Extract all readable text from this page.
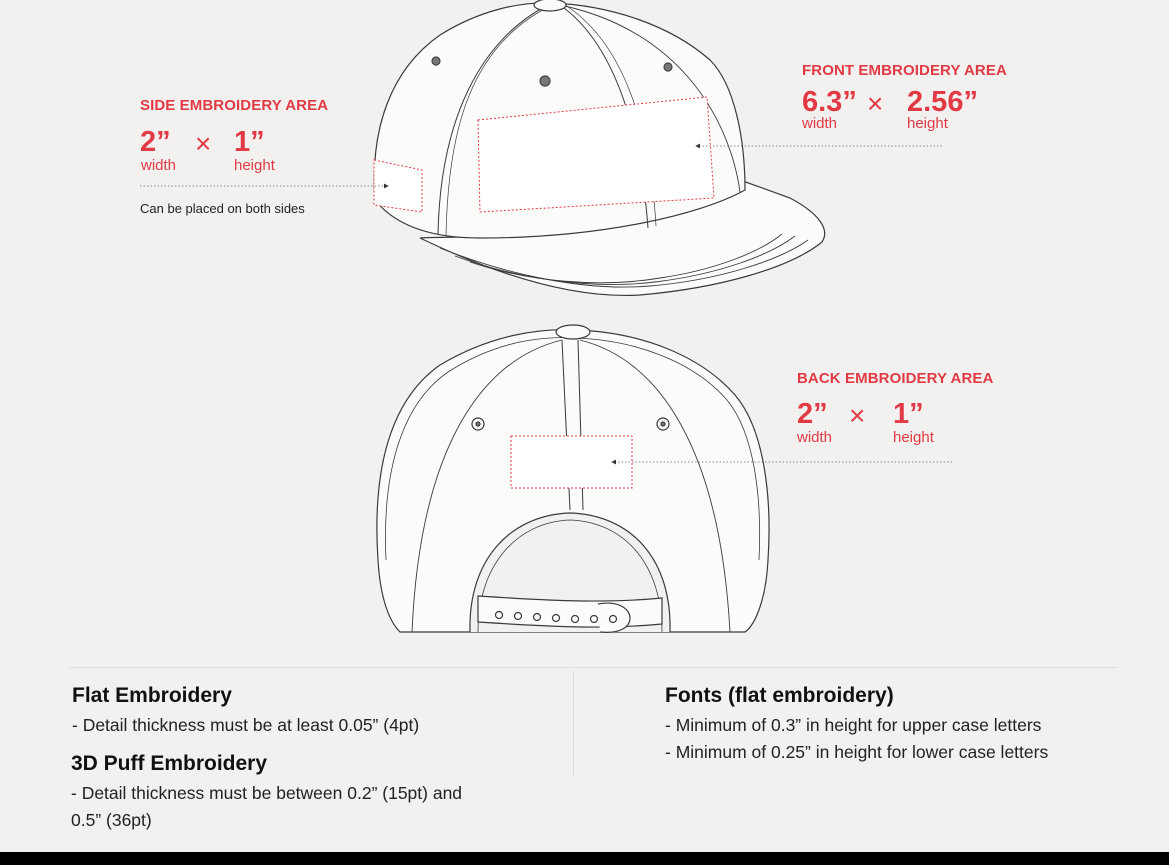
SIDE EMBROIDERY AREA
2” × 1”
width	height
Can be placed on both sides
FRONT EMBROIDERY AREA
6.3” × 2.56”
width	height
BACK EMBROIDERY AREA
2” × 1”
width	height
Flat Embroidery
- Detail thickness must be at least 0.05” (4pt)
3D Puff Embroidery
- Detail thickness must be between 0.2” (15pt) and
0.5” (36pt)
Fonts (flat embroidery)
- Minimum of 0.3” in height for upper case letters
- Minimum of 0.25” in height for lower case letters
